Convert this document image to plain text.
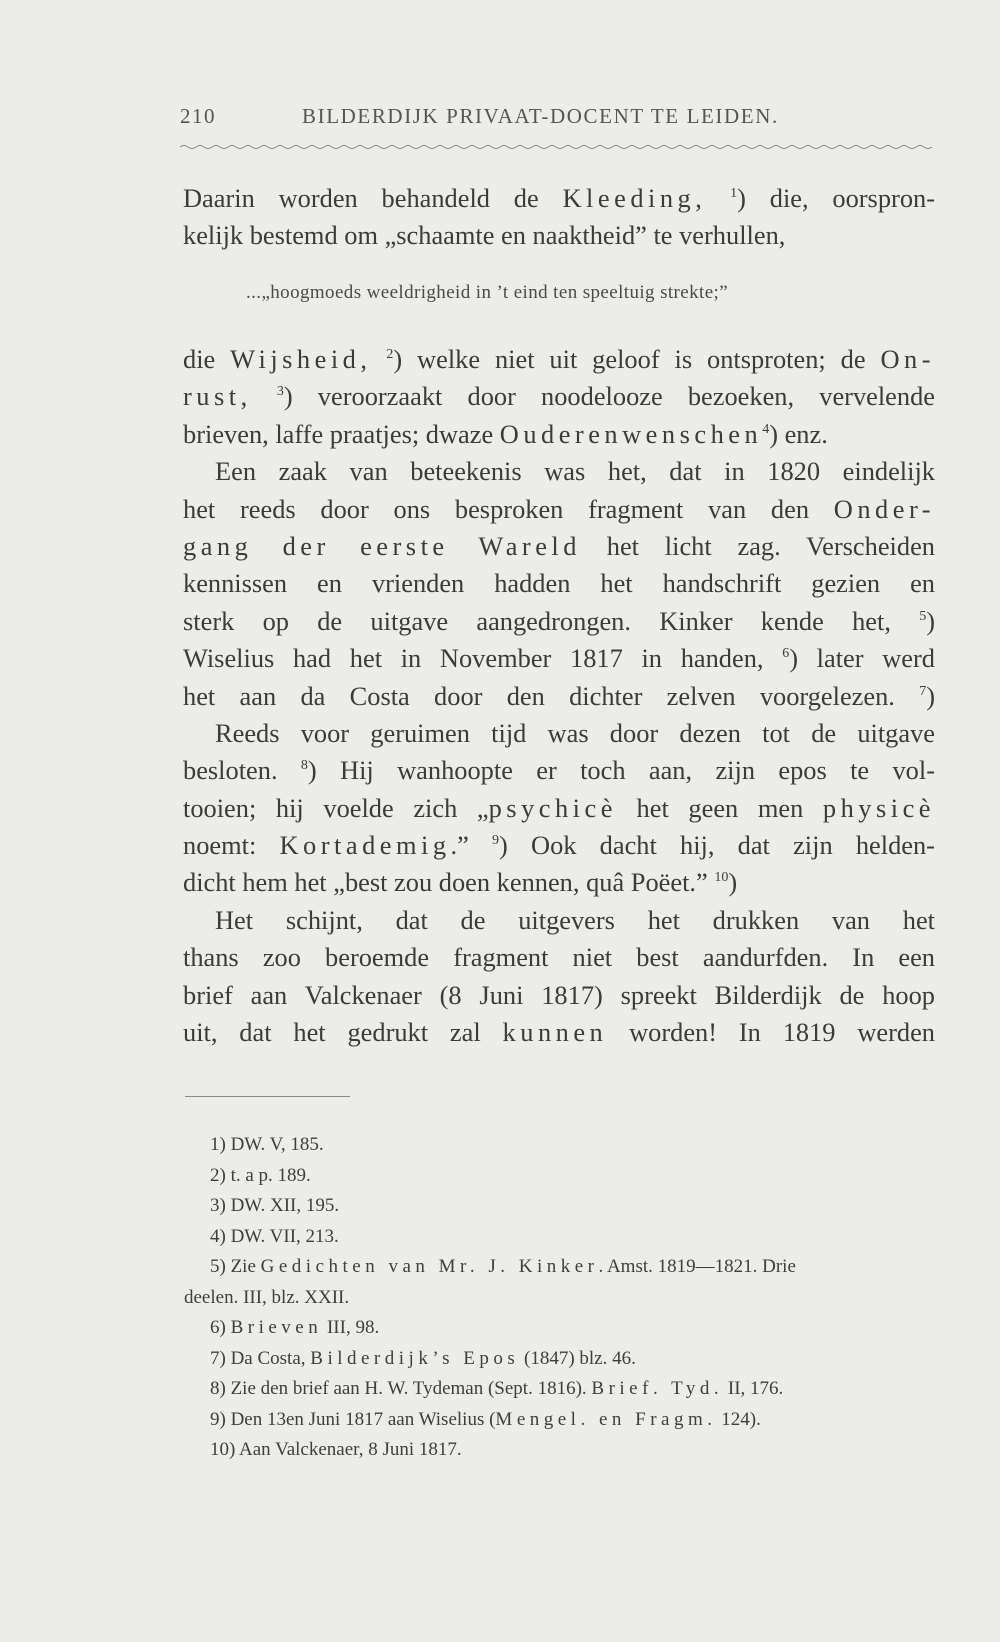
210	BILDERDIJK PRIVAAT-DOCENT TE LEIDEN.
Daarin worden behandeld de Kleeding, $^1$) die, oorspron-
kelijk bestemd om „schaamte en naaktheid” te verhullen,
...„hoogmoeds weeldrigheid in ’t eind ten speeltuig strekte;”
die Wijsheid, $^2$) welke niet uit geloof is ontsproten; de On-
rust, $^3$) veroorzaakt door noodelooze bezoeken, vervelende
brieven, laffe praatjes; dwaze Ouderenwenschen$^4$) enz.
Een zaak van beteekenis was het, dat in 1820 eindelijk
het reeds door ons besproken fragment van den Onder-
gang der eerste Wareld het licht zag. Verscheiden
kennissen en vrienden hadden het handschrift gezien en
sterk op de uitgave aangedrongen. Kinker kende het, $^5$)
Wiselius had het in November 1817 in handen, $^6$) later werd
het aan da Costa door den dichter zelven voorgelezen. $^7$)
Reeds voor geruimen tijd was door dezen tot de uitgave
besloten. $^8$) Hij wanhoopte er toch aan, zijn epos te vol-
tooien; hij voelde zich „psychicè het geen men physicè
noemt: Kortademig.” $^9$) Ook dacht hij, dat zijn helden-
dicht hem het „best zou doen kennen, quâ Poëet.” $^{10}$)
Het schijnt, dat de uitgevers het drukken van het
thans zoo beroemde fragment niet best aandurfden. In een
brief aan Valckenaer (8 Juni 1817) spreekt Bilderdijk de hoop
uit, dat het gedrukt zal kunnen worden! In 1819 werden
1) DW. V, 185.
2) t. a p. 189.
3) DW. XII, 195.
4) DW. VII, 213.
5) Zie Gedichten van Mr. J. Kinker. Amst. 1819—1821. Drie
deelen. III, blz. XXII.
6) Brieven III, 98.
7) Da Costa, Bilderdijk’s Epos (1847) blz. 46.
8) Zie den brief aan H. W. Tydeman (Sept. 1816). Brief. Tyd. II, 176.
9) Den 13en Juni 1817 aan Wiselius (Mengel. en Fragm. 124).
10) Aan Valckenaer, 8 Juni 1817.
